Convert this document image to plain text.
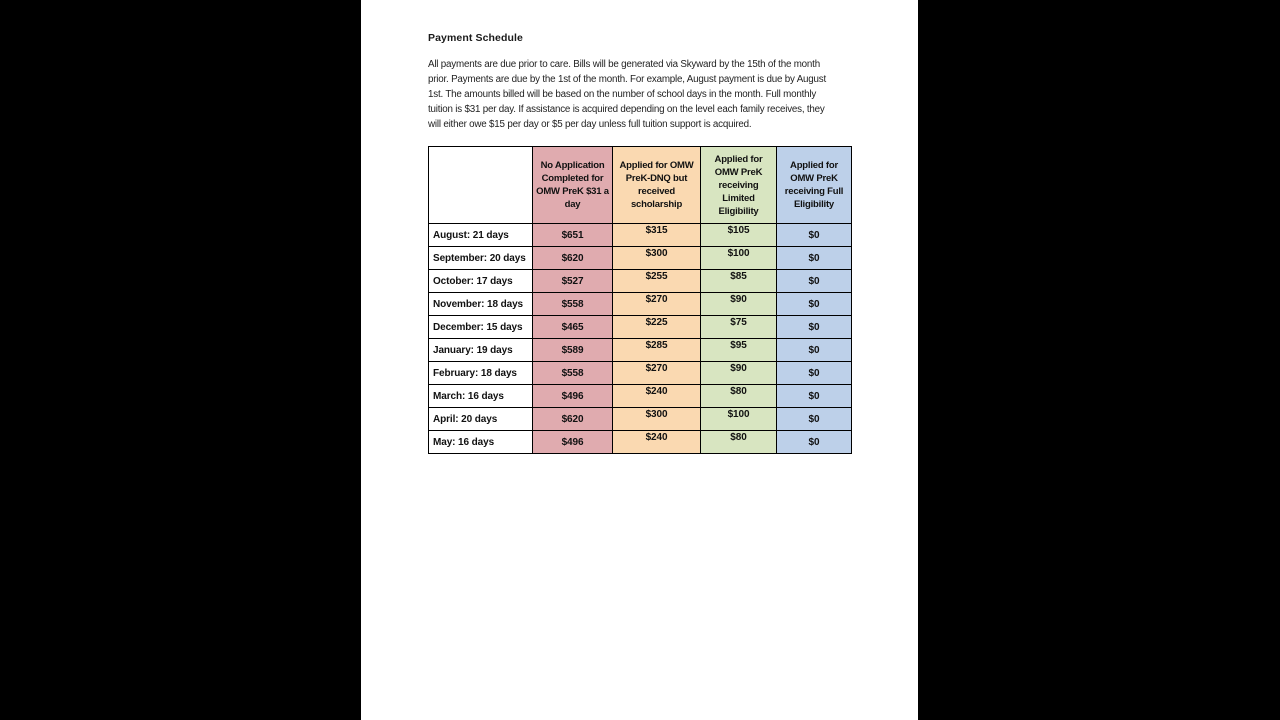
Payment Schedule
All payments are due prior to care. Bills will be generated via Skyward by the 15th of the month
prior. Payments are due by the 1st of the month. For example, August payment is due by August
1st. The amounts billed will be based on the number of school days in the month. Full monthly
tuition is $31 per day. If assistance is acquired depending on the level each family receives, they
will either owe $15 per day or $5 per day unless full tuition support is acquired.
	No Application Completed for OMW PreK $31 a day	Applied for OMW PreK-DNQ but received scholarship	Applied for OMW PreK receiving Limited Eligibility	Applied for OMW PreK receiving Full Eligibility
August: 21 days	$651	$315	$105	$0
September: 20 days	$620	$300	$100	$0
October: 17 days	$527	$255	$85	$0
November: 18 days	$558	$270	$90	$0
December: 15 days	$465	$225	$75	$0
January: 19 days	$589	$285	$95	$0
February: 18 days	$558	$270	$90	$0
March: 16 days	$496	$240	$80	$0
April: 20 days	$620	$300	$100	$0
May: 16 days	$496	$240	$80	$0
